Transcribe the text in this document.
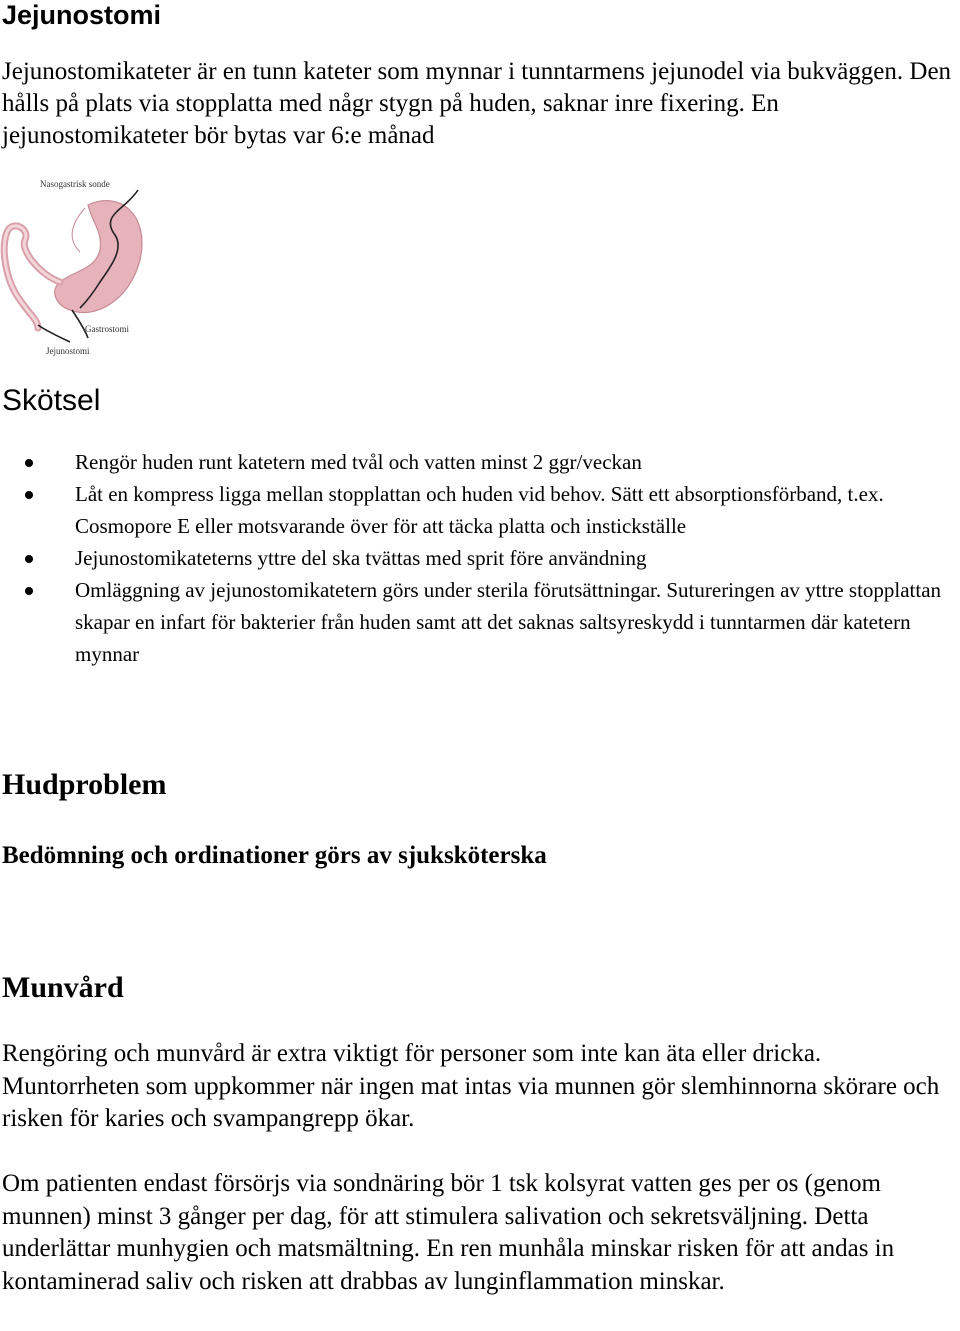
Jejunostomi

Jejunostomikateter är en tunn kateter som mynnar i tunntarmens jejunodel via bukväggen. Den hålls på plats via stopplatta med någr stygn på huden, saknar inre fixering. En jejunostomikateter bör bytas var 6:e månad

Nasogastrisk sonde
Gastrostomi
Jejunostomi
Skötsel
Rengör huden runt katetern med tvål och vatten minst 2 ggr/veckan
Låt en kompress ligga mellan stopplattan och huden vid behov. Sätt ett absorptionsförband, t.ex. Cosmopore E eller motsvarande över för att täcka platta och instickställe
Jejunostomikateterns yttre del ska tvättas med sprit före användning
Omläggning av jejunostomikatetern görs under sterila förutsättningar. Sutureringen av yttre stopplattan skapar en infart för bakterier från huden samt att det saknas saltsyreskydd i tunntarmen där katetern mynnar
Hudproblem
Bedömning och ordinationer görs av sjuksköterska
Munvård

Rengöring och munvård är extra viktigt för personer som inte kan äta eller dricka. Muntorrheten som uppkommer när ingen mat intas via munnen gör slemhinnorna skörare och risken för karies och svampangrepp ökar.

Om patienten endast försörjs via sondnäring bör 1 tsk kolsyrat vatten ges per os (genom munnen) minst 3 gånger per dag, för att stimulera salivation och sekretsväljning. Detta underlättar munhygien och matsmältning. En ren munhåla minskar risken för att andas in kontaminerad saliv och risken att drabbas av lunginflammation minskar.
